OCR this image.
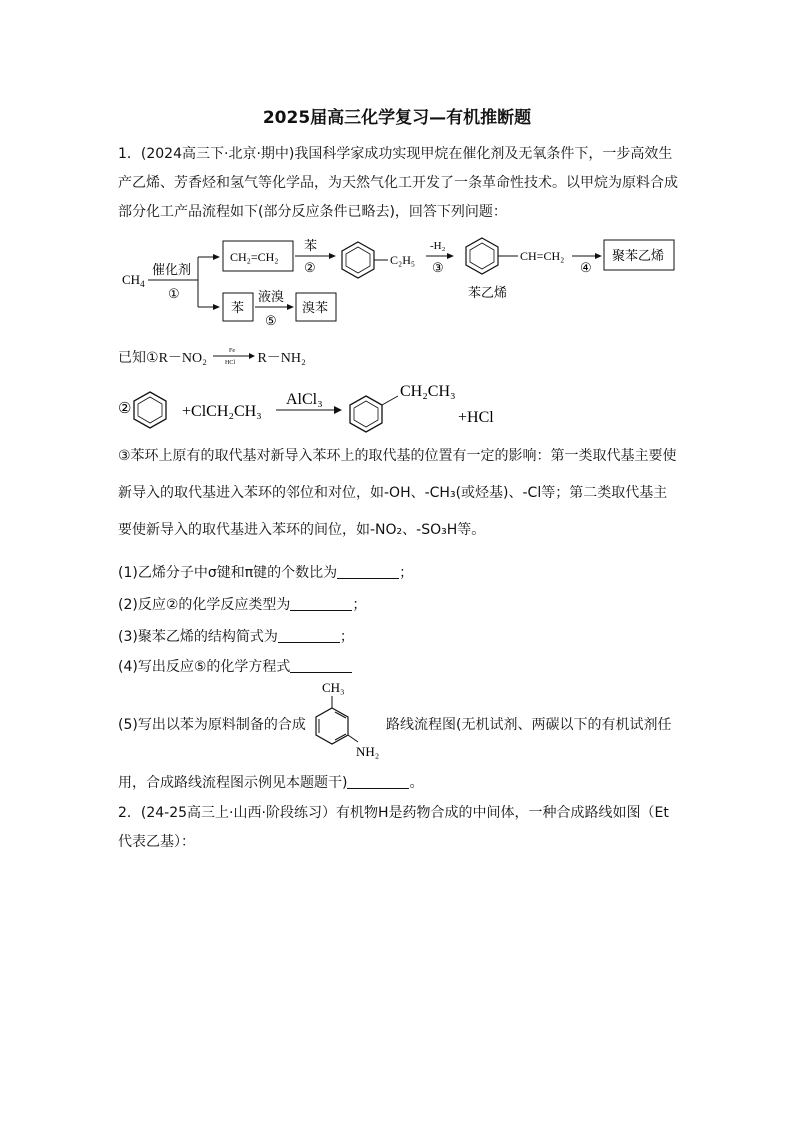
2025届高三化学复习—有机推断题
1．(2024高三下·北京·期中)我国科学家成功实现甲烷在催化剂及无氧条件下，一步高效生产乙烯、芳香烃和氢气等化学品，为天然气化工开发了一条革命性技术。以甲烷为原料合成部分化工产品流程如下(部分反应条件已略去)，回答下列问题：
$CH_4$
催化剂
①
CH₂=CH₂
苯
②	C₂H₅
-H₂
③
CH=CH₂
苯乙烯
④
聚苯乙烯
苯
液溴
⑤
溴苯
已知①R－NO₂	Fe
HCl R－NH₂
②	+ClCH₂CH₃
AlCl₃	CH₂CH₃
+HCl
③苯环上原有的取代基对新导入苯环上的取代基的位置有一定的影响：第一类取代基主要使新导入的取代基进入苯环的邻位和对位，如-OH、-CH₃(或烃基)、-Cl等；第二类取代基主要使新导入的取代基进入苯环的间位，如-NO₂、-SO₃H等。
(1)乙烯分子中σ键和π键的个数比为	；
(2)反应②的化学反应类型为	；
(3)聚苯乙烯的结构简式为	；
(4)写出反应⑤的化学方程式
(5)写出以苯为原料制备的合成
CH₃
NH₂
路线流程图(无机试剂、两碳以下的有机试剂任
用，合成路线流程图示例见本题题干)	。
2．(24-25高三上·山西·阶段练习）有机物H是药物合成的中间体，一种合成路线如图（Et代表乙基）：
